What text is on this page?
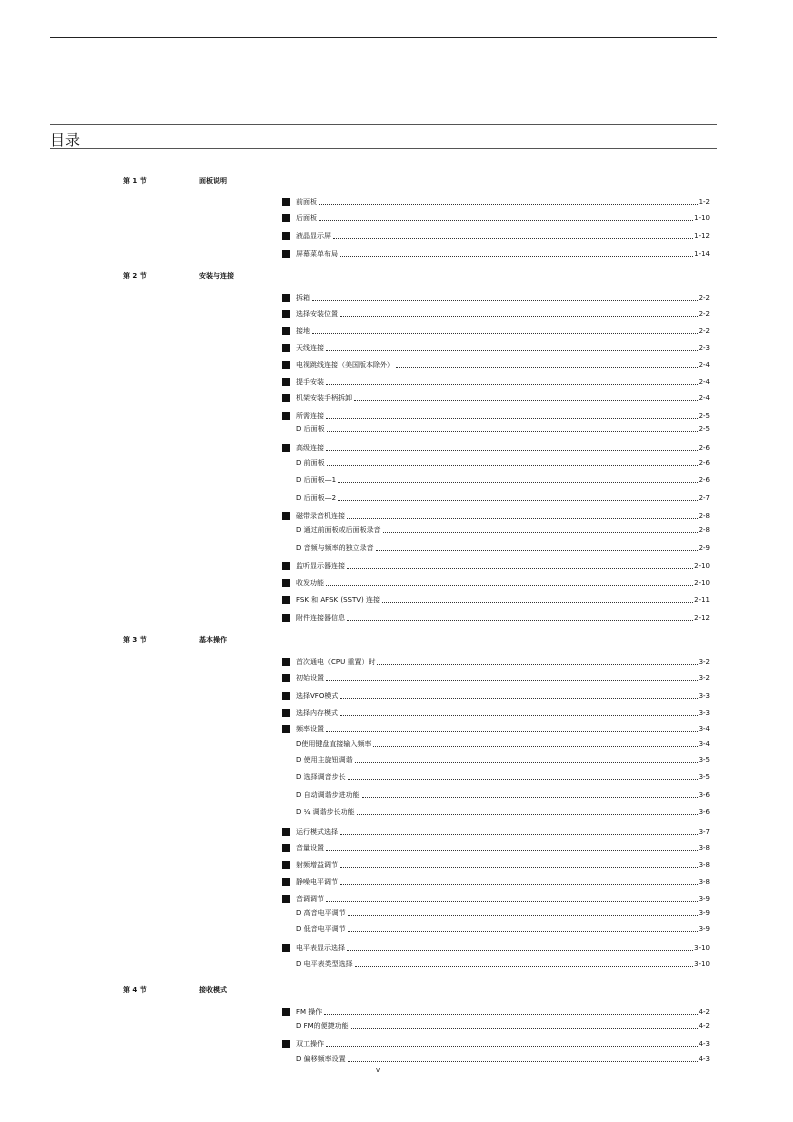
目录
第 1 节	面板说明
第 2 节	安装与连接
第 3 节	基本操作
第 4 节	接收模式
前面板	1-2
后面板	1-10
液晶显示屏	1-12
屏幕菜单布局	1-14
拆箱	2-2
选择安装位置	2-2
接地	2-2
天线连接	2-3
电视跳线连接（美国版本除外）	2-4
提手安装	2-4
机架安装手柄拆卸	2-4
所需连接	2-5
D 后面板	2-5
高级连接	2-6
D 前面板	2-6
D 后面板—1	2-6
D 后面板—2	2-7
磁带录音机连接	2-8
D 通过前面板或后面板录音	2-8
D 音频与频率的独立录音	2-9
监听显示器连接	2-10
收发功能	2-10
FSK 和 AFSK (SSTV) 连接	2-11
附件连接器信息	2-12
首次通电（CPU 重置）时	3-2
初始设置	3-2
选择VFO模式	3-3
选择内存模式	3-3
频率设置	3-4
D使用键盘直接输入频率	3-4
D 使用主旋钮调谐	3-5
D 选择调音步长	3-5
D 自动调谐步进功能	3-6
D ¼ 调谐步长功能	3-6
运行模式选择	3-7
音量设置	3-8
射频增益调节	3-8
静噪电平调节	3-8
音调调节	3-9
D 高音电平调节	3-9
D 低音电平调节	3-9
电平表显示选择	3-10
D 电平表类型选择	3-10
FM 操作	4-2
D FM的便捷功能	4-2
双工操作	4-3
D 偏移频率设置	4-3
v
